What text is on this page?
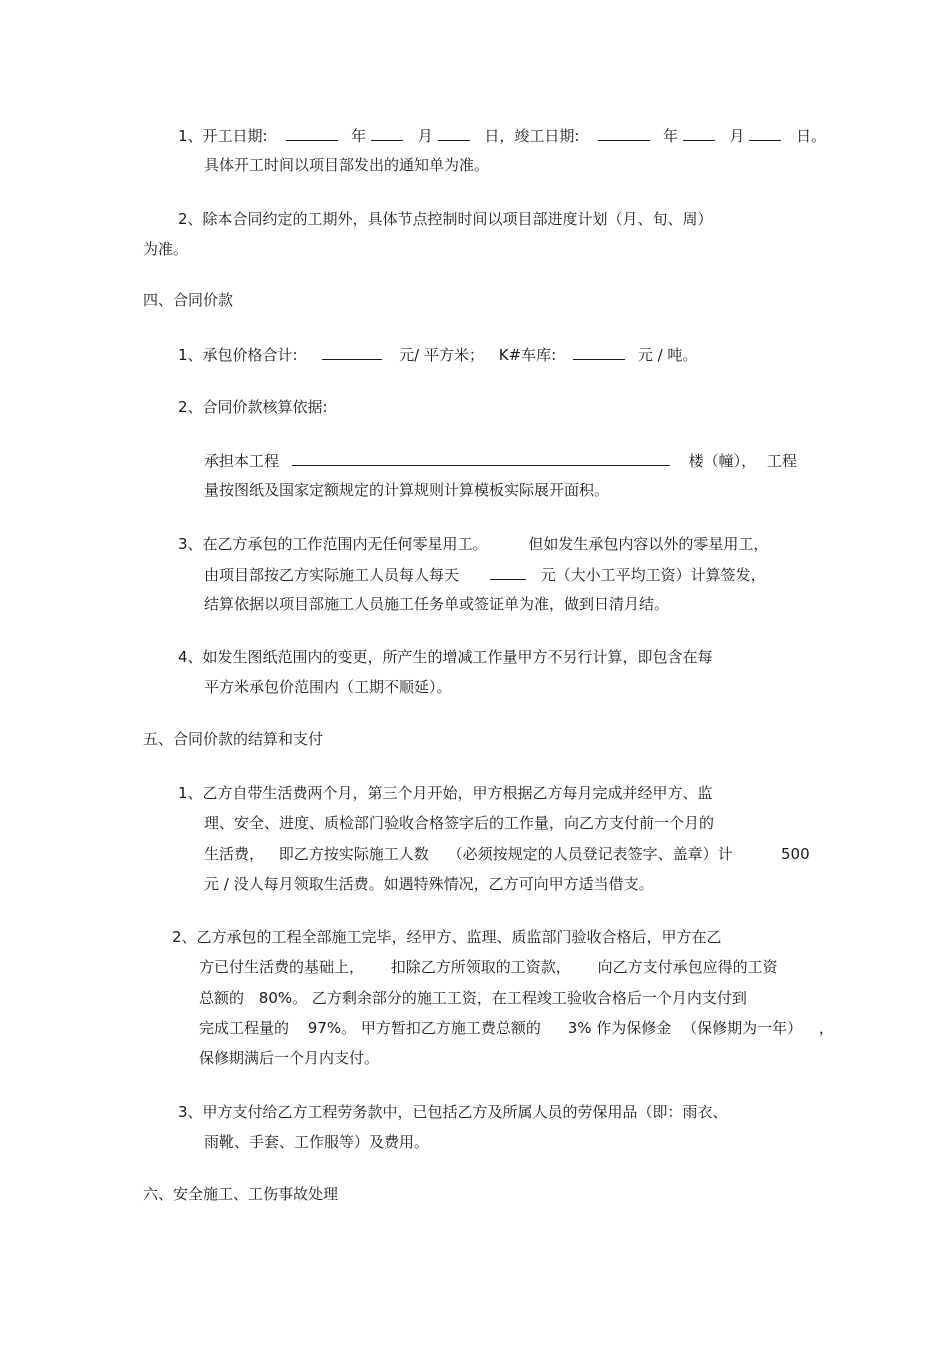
1、开工日期:	年	月	日，竣工日期:	年	月	日。
具体开工时间以项目部发出的通知单为准。
2、除本合同约定的工期外，具体节点控制时间以项目部进度计划（月、旬、周）
为准。
四、合同价款
1、承包价格合计:	元/ 平方米； K#车库:	元 / 吨。
2、合同价款核算依据:
承担本工程	楼（幢）， 工程
量按图纸及国家定额规定的计算规则计算模板实际展开面积。
3、在乙方承包的工作范围内无任何零星用工。	但如发生承包内容以外的零星用工，
由项目部按乙方实际施工人员每人每天	元（大小工平均工资）计算签发，
结算依据以项目部施工人员施工任务单或签证单为准，做到日清月结。
4、如发生图纸范围内的变更，所产生的增减工作量甲方不另行计算，即包含在每
平方米承包价范围内（工期不顺延）。
五、合同价款的结算和支付
1、乙方自带生活费两个月，第三个月开始，甲方根据乙方每月完成并经甲方、监
理、安全、进度、质检部门验收合格签字后的工作量，向乙方支付前一个月的
生活费， 即乙方按实际施工人数 （必须按规定的人员登记表签字、盖章）计	500
元 / 没人每月领取生活费。如遇特殊情况，乙方可向甲方适当借支。
2、乙方承包的工程全部施工完毕，经甲方、监理、质监部门验收合格后，甲方在乙
方已付生活费的基础上， 扣除乙方所领取的工资款， 向乙方支付承包应得的工资
总额的 80%。 乙方剩余部分的施工工资，在工程竣工验收合格后一个月内支付到
完成工程量的 97%。 甲方暂扣乙方施工费总额的 3% 作为保修金 （保修期为一年） ，
保修期满后一个月内支付。
3、甲方支付给乙方工程劳务款中，已包括乙方及所属人员的劳保用品（即：雨衣、
雨靴、手套、工作服等）及费用。
六、安全施工、工伤事故处理
